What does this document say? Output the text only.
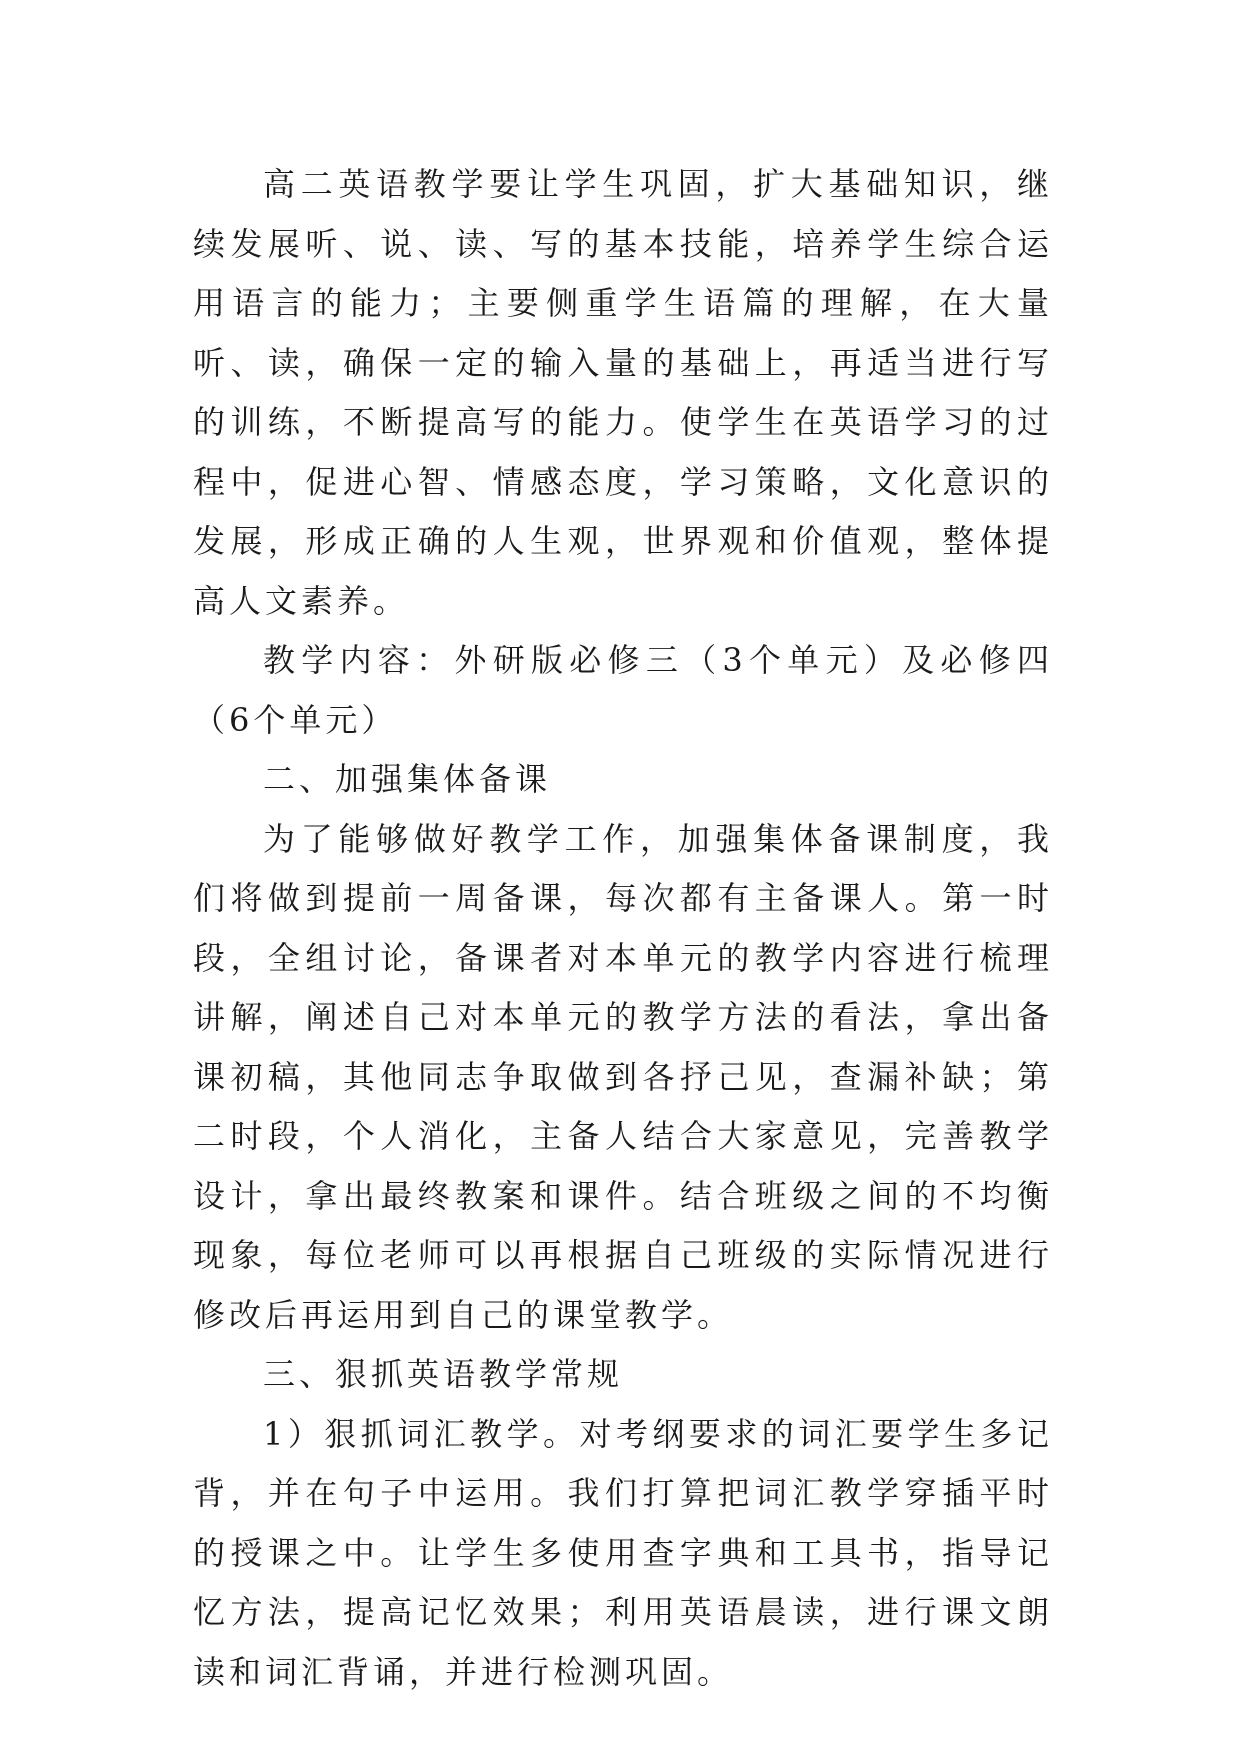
高二英语教学要让学生巩固，扩大基础知识，继续发展听、说、读、写的基本技能，培养学生综合运用语言的能力；主要侧重学生语篇的理解，在大量听、读，确保一定的输入量的基础上，再适当进行写的训练，不断提高写的能力。使学生在英语学习的过程中，促进心智、情感态度，学习策略，文化意识的发展，形成正确的人生观，世界观和价值观，整体提高人文素养。

教学内容：外研版必修三（3个单元）及必修四（6个单元）

二、加强集体备课

为了能够做好教学工作，加强集体备课制度，我们将做到提前一周备课，每次都有主备课人。第一时段，全组讨论，备课者对本单元的教学内容进行梳理讲解，阐述自己对本单元的教学方法的看法，拿出备课初稿，其他同志争取做到各抒己见，查漏补缺；第二时段，个人消化，主备人结合大家意见，完善教学设计，拿出最终教案和课件。结合班级之间的不均衡现象，每位老师可以再根据自己班级的实际情况进行修改后再运用到自己的课堂教学。

三、狠抓英语教学常规

1）狠抓词汇教学。对考纲要求的词汇要学生多记背，并在句子中运用。我们打算把词汇教学穿插平时的授课之中。让学生多使用查字典和工具书，指导记忆方法，提高记忆效果；利用英语晨读，进行课文朗读和词汇背诵，并进行检测巩固。
